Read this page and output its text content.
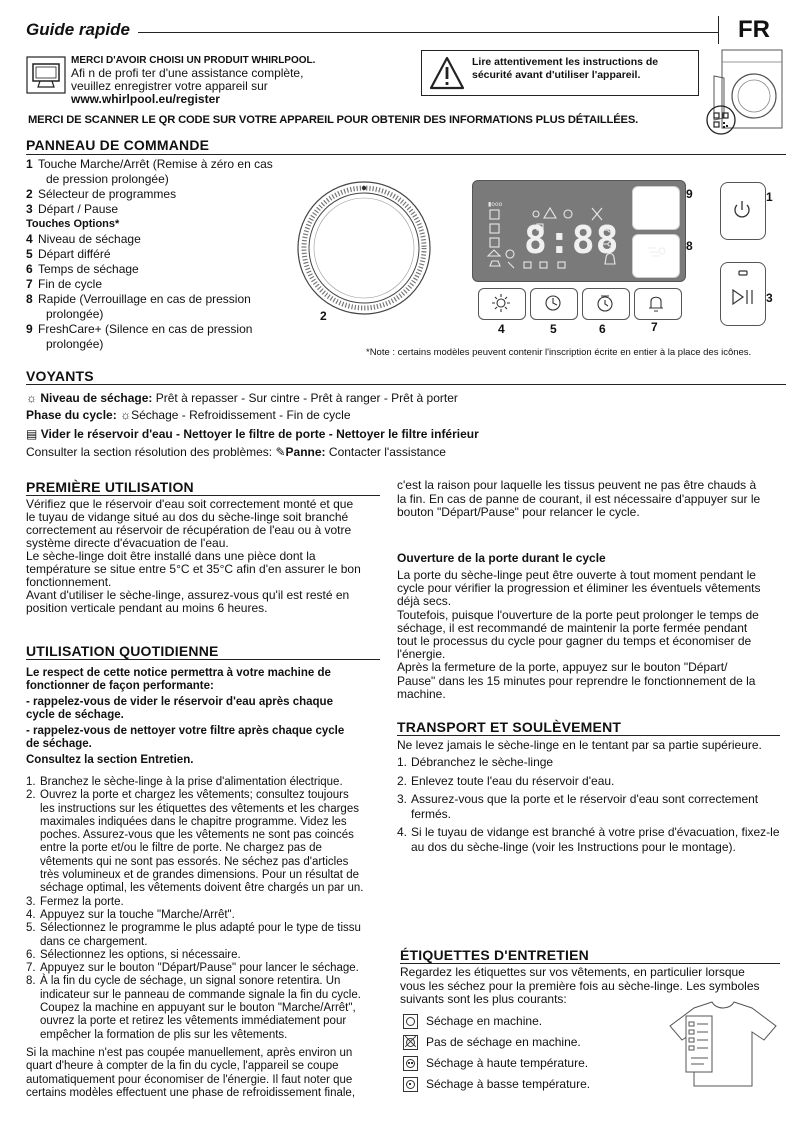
Guide rapide	FR
MERCI D'AVOIR CHOISI UN PRODUIT WHIRLPOOL.
Afi n de profi ter d'une assistance complète,
veuillez enregistrer votre appareil sur
www.whirlpool.eu/register
Lire attentivement les instructions de
sécurité avant d'utiliser l'appareil.
MERCI DE SCANNER LE QR CODE SUR VOTRE APPAREIL POUR OBTENIR DES INFORMATIONS PLUS DÉTAILLÉES.
PANNEAU DE COMMANDE
1 Touche Marche/Arrêt (Remise à zéro en cas
de pression prolongée)
2 Sélecteur de programmes
3 Départ / Pause
Touches Options*
4 Niveau de séchage
5 Départ différé
6 Temps de séchage
7 Fin de cycle
8 Rapide (Verrouillage en cas de pression
prolongée)
9 FreshCare+ (Silence en cas de pression
prolongée)
▮ooo
8:88
1
2
3
4	5	6	7
8
9
*Note : certains modèles peuvent contenir l'inscription écrite en entier à la place des icônes.
VOYANTS
☼ Niveau de séchage: Prêt à repasser - Sur cintre - Prêt à ranger - Prêt à porter
Phase du cycle: ☼Séchage - Refroidissement - Fin de cycle
▤ Vider le réservoir d'eau - Nettoyer le filtre de porte - Nettoyer le filtre inférieur
Consulter la section résolution des problèmes: ✎Panne: Contacter l'assistance
PREMIÈRE UTILISATION
Vérifiez que le réservoir d'eau soit correctement monté et que
le tuyau de vidange situé au dos du sèche-linge soit branché
correctement au réservoir de récupération de l'eau ou à votre
système directe d'évacuation de l'eau.
Le sèche-linge doit être installé dans une pièce dont la
température se situe entre 5°C et 35°C afin d'en assurer le bon
fonctionnement.
Avant d'utiliser le sèche-linge, assurez-vous qu'il est resté en
position verticale pendant au moins 6 heures.
UTILISATION QUOTIDIENNE
Le respect de cette notice permettra à votre machine de
fonctionner de façon performante:
- rappelez-vous de vider le réservoir d'eau après chaque
cycle de séchage.
- rappelez-vous de nettoyer votre filtre après chaque cycle
de séchage.
Consultez la section Entretien.
1. Branchez le sèche-linge à la prise d'alimentation électrique.
2. Ouvrez la porte et chargez les vêtements; consultez toujours
les instructions sur les étiquettes des vêtements et les charges
maximales indiquées dans le chapitre programme. Videz les
poches. Assurez-vous que les vêtements ne sont pas coincés
entre la porte et/ou le filtre de porte. Ne chargez pas de
vêtements qui ne sont pas essorés. Ne séchez pas d'articles
très volumineux et de grandes dimensions. Pour un résultat de
séchage optimal, les vêtements doivent être chargés un par un.
3. Fermez la porte.
4. Appuyez sur la touche "Marche/Arrêt".
5. Sélectionnez le programme le plus adapté pour le type de tissu
dans ce chargement.
6. Sélectionnez les options, si nécessaire.
7. Appuyez sur le bouton "Départ/Pause" pour lancer le séchage.
8. À la fin du cycle de séchage, un signal sonore retentira. Un
indicateur sur le panneau de commande signale la fin du cycle.
Coupez la machine en appuyant sur le bouton "Marche/Arrêt",
ouvrez la porte et retirez les vêtements immédiatement pour
empêcher la formation de plis sur les vêtements.
Si la machine n'est pas coupée manuellement, après environ un
quart d'heure à compter de la fin du cycle, l'appareil se coupe
automatiquement pour économiser de l'énergie. Il faut noter que
certains modèles effectuent une phase de refroidissement finale,
c'est la raison pour laquelle les tissus peuvent ne pas être chauds à
la fin. En cas de panne de courant, il est nécessaire d'appuyer sur le
bouton "Départ/Pause" pour relancer le cycle.
Ouverture de la porte durant le cycle
La porte du sèche-linge peut être ouverte à tout moment pendant le
cycle pour vérifier la progression et éliminer les éventuels vêtements
déjà secs.
Toutefois, puisque l'ouverture de la porte peut prolonger le temps de
séchage, il est recommandé de maintenir la porte fermée pendant
tout le processus du cycle pour gagner du temps et économiser de
l'énergie.
Après la fermeture de la porte, appuyez sur le bouton "Départ/
Pause" dans les 15 minutes pour reprendre le fonctionnement de la
machine.
TRANSPORT ET SOULÈVEMENT
Ne levez jamais le sèche-linge en le tentant par sa partie supérieure.
1. Débranchez le sèche-linge
2. Enlevez toute l'eau du réservoir d'eau.
3. Assurez-vous que la porte et le réservoir d'eau sont correctement
fermés.
4. Si le tuyau de vidange est branché à votre prise d'évacuation, fixez-le
au dos du sèche-linge (voir les Instructions pour le montage).
ÉTIQUETTES D'ENTRETIEN
Regardez les étiquettes sur vos vêtements, en particulier lorsque
vous les séchez pour la première fois au sèche-linge. Les symboles
suivants sont les plus courants:
Séchage en machine.
Pas de séchage en machine.
Séchage à haute température.
Séchage à basse température.
